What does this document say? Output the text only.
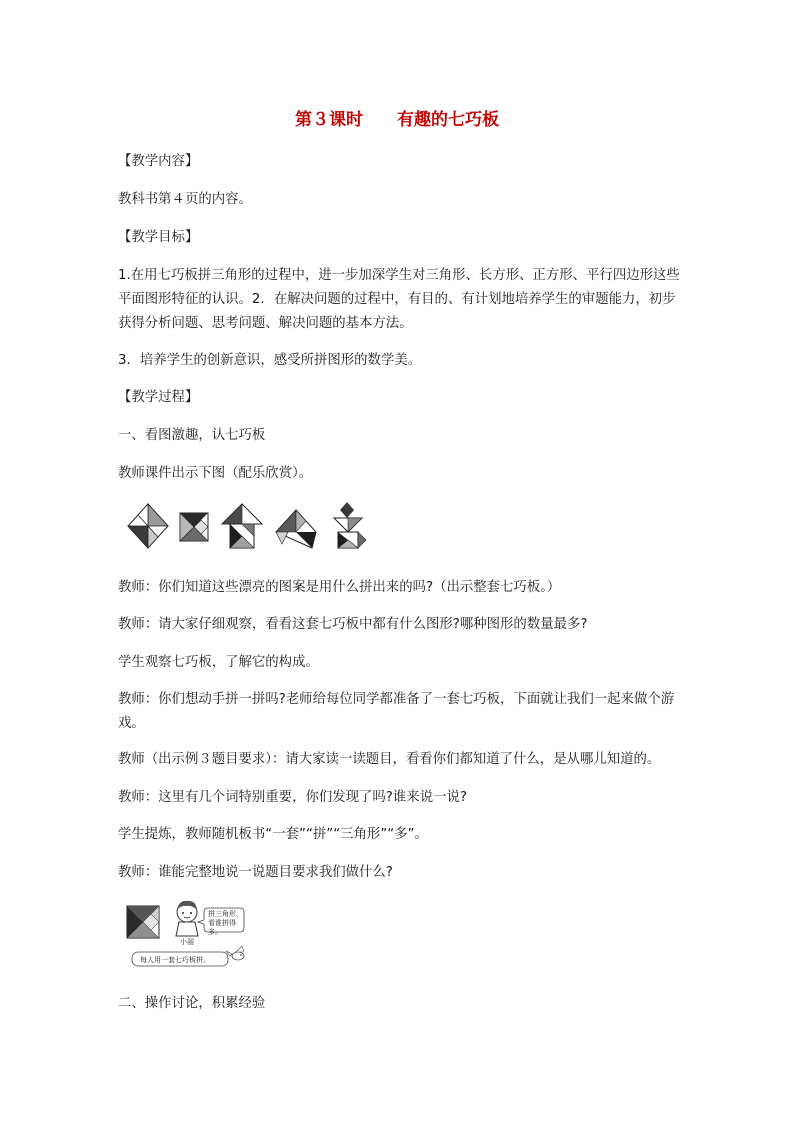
第３课时　　有趣的七巧板

【教学内容】

教科书第４页的内容。

【教学目标】

1.在用七巧板拼三角形的过程中，进一步加深学生对三角形、长方形、正方形、平行四边形这些平面图形特征的认识。2．在解决问题的过程中，有目的、有计划地培养学生的审题能力，初步获得分析问题、思考问题、解决问题的基本方法。

3．培养学生的创新意识，感受所拼图形的数学美。

【教学过程】

一、看图激趣，认七巧板

教师课件出示下图（配乐欣赏）。

教师：你们知道这些漂亮的图案是用什么拼出来的吗?（出示整套七巧板。）

教师：请大家仔细观察，看看这套七巧板中都有什么图形?哪种图形的数量最多?

学生观察七巧板，了解它的构成。

教师：你们想动手拼一拼吗?老师给每位同学都准备了一套七巧板，下面就让我们一起来做个游戏。

教师（出示例３题目要求）：请大家读一读题目，看看你们都知道了什么，是从哪儿知道的。

教师：这里有几个词特别重要，你们发现了吗?谁来说一说?

学生提炼，教师随机板书“一套”“拼”“三角形”“多”。

教师：谁能完整地说一说题目要求我们做什么?

拼三角形，
看谁拼得多。
小丽
每人用一套七巧板拼。

二、操作讨论，积累经验
